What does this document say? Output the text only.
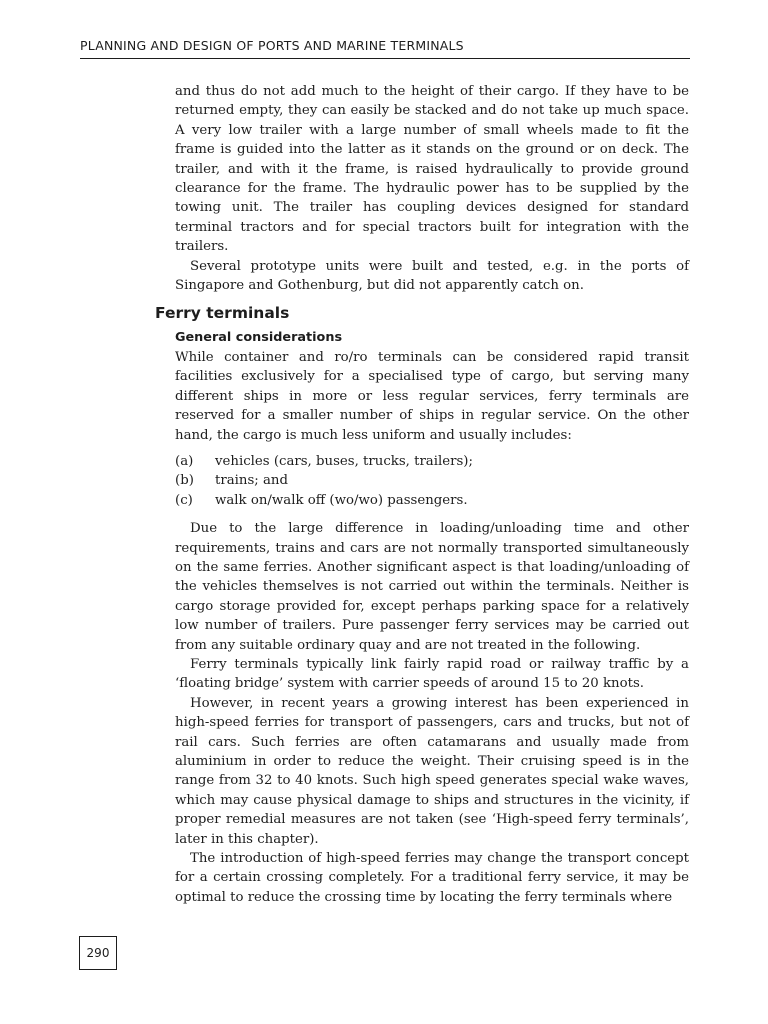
PLANNING AND DESIGN OF PORTS AND MARINE TERMINALS

and thus do not add much to the height of their cargo. If they have to be returned empty, they can easily be stacked and do not take up much space. A very low trailer with a large number of small wheels made to fit the frame is guided into the latter as it stands on the ground or on deck. The trailer, and with it the frame, is raised hydraulically to provide ground clearance for the frame. The hydraulic power has to be supplied by the towing unit. The trailer has coupling devices designed for standard terminal tractors and for special tractors built for integration with the trailers.

Several prototype units were built and tested, e.g. in the ports of Singapore and Gothenburg, but did not apparently catch on.

Ferry terminals
General considerations

While container and ro/ro terminals can be considered rapid transit facilities exclusively for a specialised type of cargo, but serving many different ships in more or less regular services, ferry terminals are reserved for a smaller number of ships in regular service. On the other hand, the cargo is much less uniform and usually includes:

(a)	vehicles (cars, buses, trucks, trailers);
(b)	trains; and
(c)	walk on/walk off (wo/wo) passengers.

Due to the large difference in loading/unloading time and other requirements, trains and cars are not normally transported simultaneously on the same ferries. Another significant aspect is that loading/unloading of the vehicles themselves is not carried out within the terminals. Neither is cargo storage provided for, except perhaps parking space for a relatively low number of trailers. Pure passenger ferry services may be carried out from any suitable ordinary quay and are not treated in the following.

Ferry terminals typically link fairly rapid road or railway traffic by a ‘floating bridge’ system with carrier speeds of around 15 to 20 knots.

However, in recent years a growing interest has been experienced in high-speed ferries for transport of passengers, cars and trucks, but not of rail cars. Such ferries are often catamarans and usually made from aluminium in order to reduce the weight. Their cruising speed is in the range from 32 to 40 knots. Such high speed generates special wake waves, which may cause physical damage to ships and structures in the vicinity, if proper remedial measures are not taken (see ‘High-speed ferry terminals’, later in this chapter).

The introduction of high-speed ferries may change the transport concept for a certain crossing completely. For a traditional ferry service, it may be optimal to reduce the crossing time by locating the ferry terminals where

290
